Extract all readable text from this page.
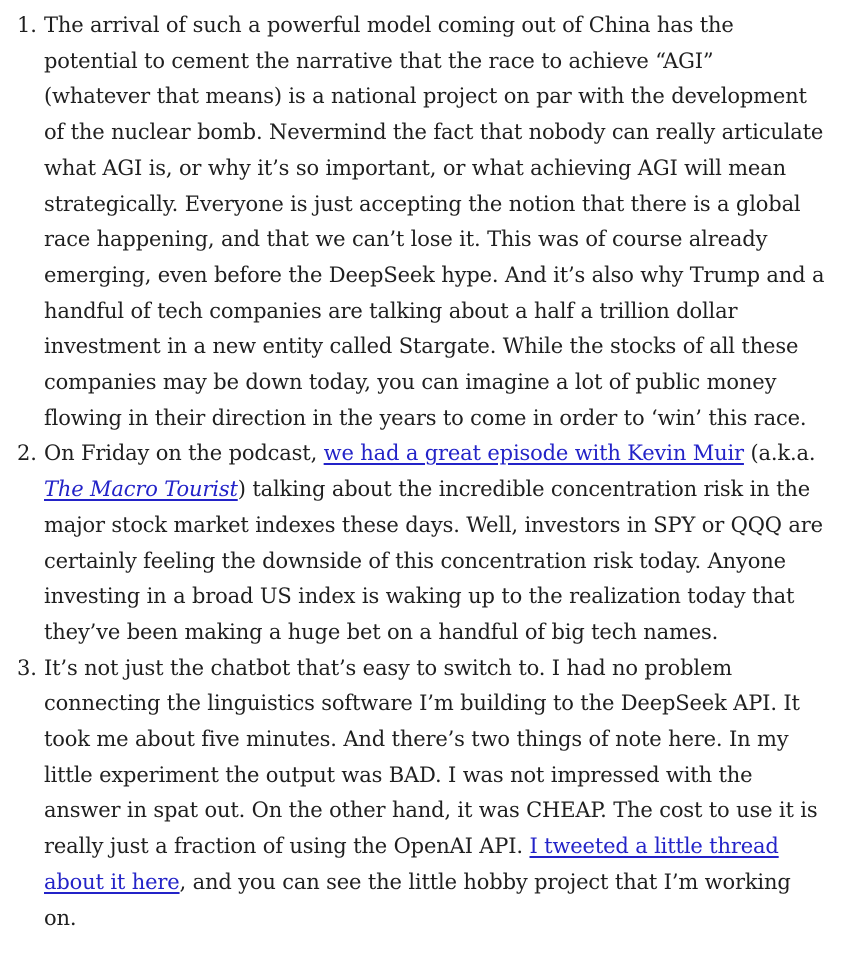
1. The arrival of such a powerful model coming out of China has the potential to cement the narrative that the race to achieve “AGI” (whatever that means) is a national project on par with the development of the nuclear bomb. Nevermind the fact that nobody can really articulate what AGI is, or why it’s so important, or what achieving AGI will mean strategically. Everyone is just accepting the notion that there is a global race happening, and that we can’t lose it. This was of course already emerging, even before the DeepSeek hype. And it’s also why Trump and a handful of tech companies are talking about a half a trillion dollar investment in a new entity called Stargate. While the stocks of all these companies may be down today, you can imagine a lot of public money flowing in their direction in the years to come in order to ‘win’ this race.
2. On Friday on the podcast, we had a great episode with Kevin Muir (a.k.a. The Macro Tourist) talking about the incredible concentration risk in the major stock market indexes these days. Well, investors in SPY or QQQ are certainly feeling the downside of this concentration risk today. Anyone investing in a broad US index is waking up to the realization today that they’ve been making a huge bet on a handful of big tech names.
3. It’s not just the chatbot that’s easy to switch to. I had no problem connecting the linguistics software I’m building to the DeepSeek API. It took me about five minutes. And there’s two things of note here. In my little experiment the output was BAD. I was not impressed with the answer in spat out. On the other hand, it was CHEAP. The cost to use it is really just a fraction of using the OpenAI API. I tweeted a little thread about it here, and you can see the little hobby project that I’m working on.
